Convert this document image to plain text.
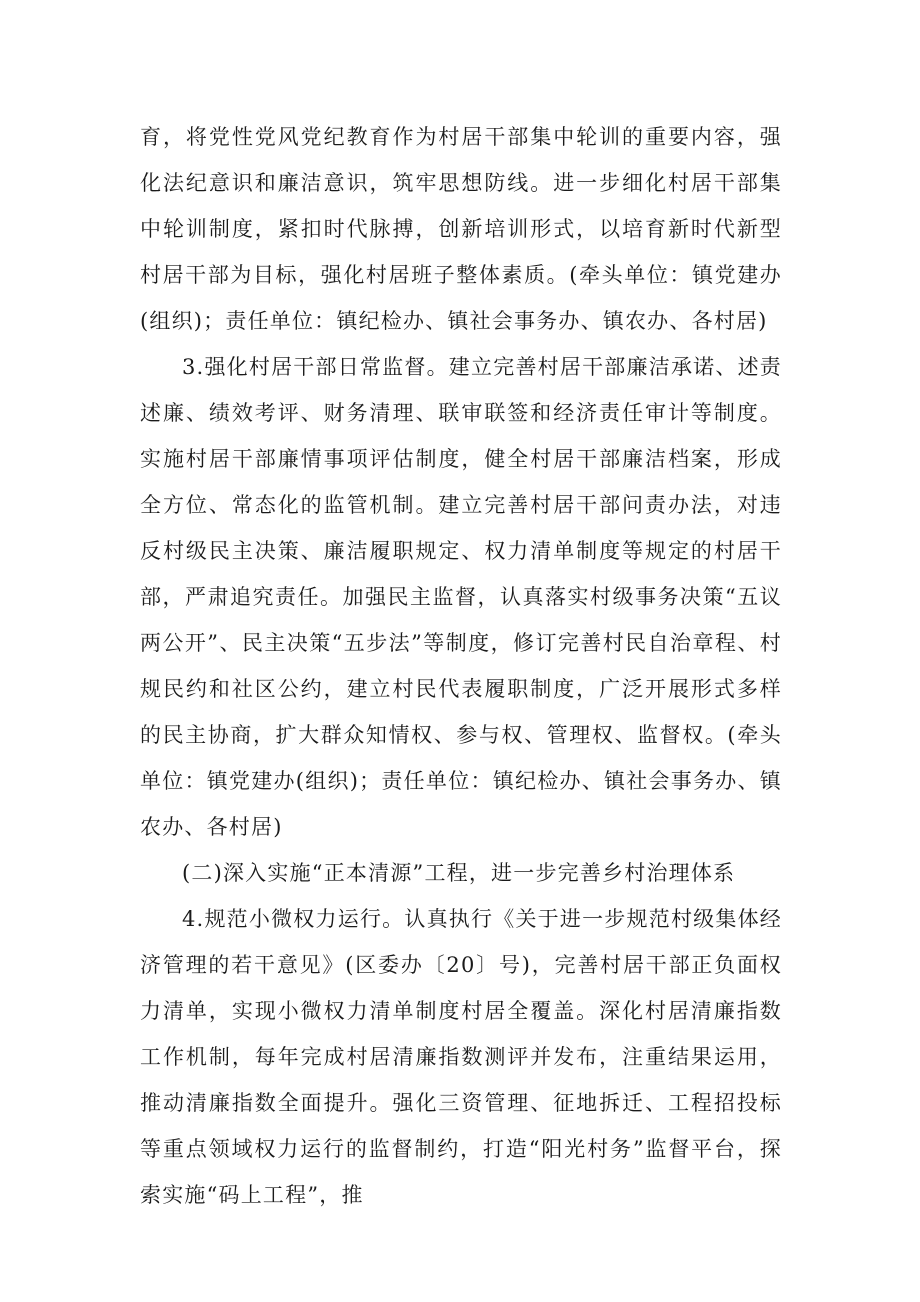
育，将党性党风党纪教育作为村居干部集中轮训的重要内容，强化法纪意识和廉洁意识，筑牢思想防线。进一步细化村居干部集中轮训制度，紧扣时代脉搏，创新培训形式，以培育新时代新型村居干部为目标，强化村居班子整体素质。(牵头单位：镇党建办(组织)；责任单位：镇纪检办、镇社会事务办、镇农办、各村居)

3.强化村居干部日常监督。建立完善村居干部廉洁承诺、述责述廉、绩效考评、财务清理、联审联签和经济责任审计等制度。实施村居干部廉情事项评估制度，健全村居干部廉洁档案，形成全方位、常态化的监管机制。建立完善村居干部问责办法，对违反村级民主决策、廉洁履职规定、权力清单制度等规定的村居干部，严肃追究责任。加强民主监督，认真落实村级事务决策“五议两公开”、民主决策“五步法”等制度，修订完善村民自治章程、村规民约和社区公约，建立村民代表履职制度，广泛开展形式多样的民主协商，扩大群众知情权、参与权、管理权、监督权。(牵头单位：镇党建办(组织)；责任单位：镇纪检办、镇社会事务办、镇农办、各村居)

(二)深入实施“正本清源”工程，进一步完善乡村治理体系

4.规范小微权力运行。认真执行《关于进一步规范村级集体经济管理的若干意见》(区委办〔20〕号)，完善村居干部正负面权力清单，实现小微权力清单制度村居全覆盖。深化村居清廉指数工作机制，每年完成村居清廉指数测评并发布，注重结果运用，推动清廉指数全面提升。强化三资管理、征地拆迁、工程招投标等重点领域权力运行的监督制约，打造“阳光村务”监督平台，探索实施“码上工程”，推
